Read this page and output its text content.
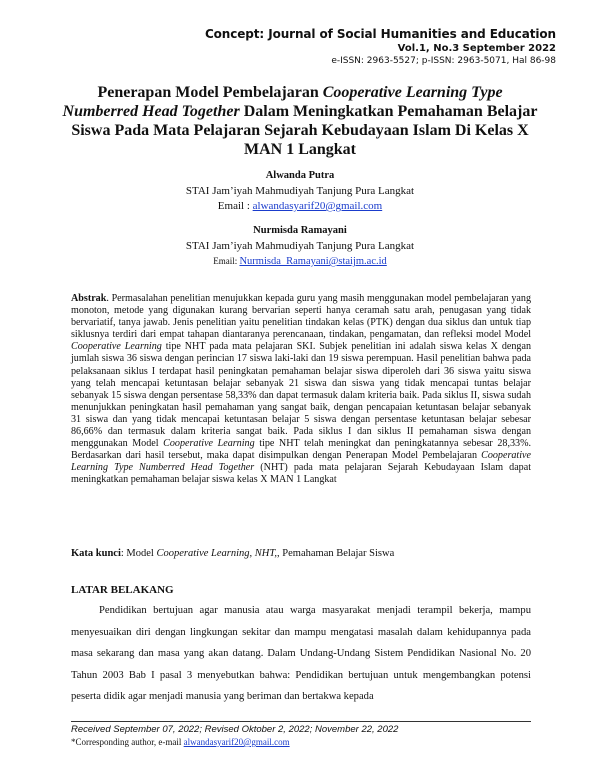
Concept: Journal of Social Humanities and Education
Vol.1, No.3 September 2022
e-ISSN: 2963-5527; p-ISSN: 2963-5071, Hal 86-98
Penerapan Model Pembelajaran Cooperative Learning Type Numberred Head Together Dalam Meningkatkan Pemahaman Belajar Siswa Pada Mata Pelajaran Sejarah Kebudayaan Islam Di Kelas X MAN 1 Langkat
Alwanda Putra
STAI Jam’iyah Mahmudiyah Tanjung Pura Langkat
Email : alwandasyarif20@gmail.com
Nurmisda Ramayani
STAI Jam’iyah Mahmudiyah Tanjung Pura Langkat
Email: Nurmisda_Ramayani@staijm.ac.id
Abstrak. Permasalahan penelitian menujukkan kepada guru yang masih menggunakan model pembelajaran yang monoton, metode yang digunakan kurang bervarian seperti hanya ceramah satu arah, penugasan yang tidak bervariatif, tanya jawab. Jenis penelitian yaitu penelitian tindakan kelas (PTK) dengan dua siklus dan untuk tiap siklusnya terdiri dari empat tahapan diantaranya perencanaan, tindakan, pengamatan, dan refleksi model Model Cooperative Learning tipe NHT pada mata pelajaran SKI. Subjek penelitian ini adalah siswa kelas X dengan jumlah siswa 36 siswa dengan perincian 17 siswa laki-laki dan 19 siswa perempuan. Hasil penelitian bahwa pada pelaksanaan siklus I terdapat hasil peningkatan pemahaman belajar siswa diperoleh dari 36 siswa yaitu siswa yang telah mencapai ketuntasan belajar sebanyak 21 siswa dan siswa yang tidak mencapai tuntas belajar sebanyak 15 siswa dengan persentase 58,33% dan dapat termasuk dalam kriteria baik. Pada siklus II, siswa sudah menunjukkan peningkatan hasil pemahaman yang sangat baik, dengan pencapaian ketuntasan belajar sebanyak 31 siswa dan yang tidak mencapai ketuntasan belajar 5 siswa dengan persentase ketuntasan belajar sebesar 86,66% dan termasuk dalam kriteria sangat baik. Pada siklus I dan siklus II pemahaman siswa dengan menggunakan Model Cooperative Learning tipe NHT telah meningkat dan peningkatannya sebesar 28,33%. Berdasarkan dari hasil tersebut, maka dapat disimpulkan dengan Penerapan Model Pembelajaran Cooperative Learning Type Numberred Head Together (NHT) pada mata pelajaran Sejarah Kebudayaan Islam dapat meningkatkan pemahaman belajar siswa kelas X MAN 1 Langkat
Kata kunci: Model Cooperative Learning, NHT,, Pemahaman Belajar Siswa
LATAR BELAKANG
Pendidikan bertujuan agar manusia atau warga masyarakat menjadi terampil bekerja, mampu menyesuaikan diri dengan lingkungan sekitar dan mampu mengatasi masalah dalam kehidupannya pada masa sekarang dan masa yang akan datang. Dalam Undang-Undang Sistem Pendidikan Nasional No. 20 Tahun 2003 Bab I pasal 3 menyebutkan bahwa: Pendidikan bertujuan untuk mengembangkan potensi peserta didik agar menjadi manusia yang beriman dan bertakwa kepada
Received September 07, 2022; Revised Oktober 2, 2022; November 22, 2022
*Corresponding author, e-mail alwandasyarif20@gmail.com
